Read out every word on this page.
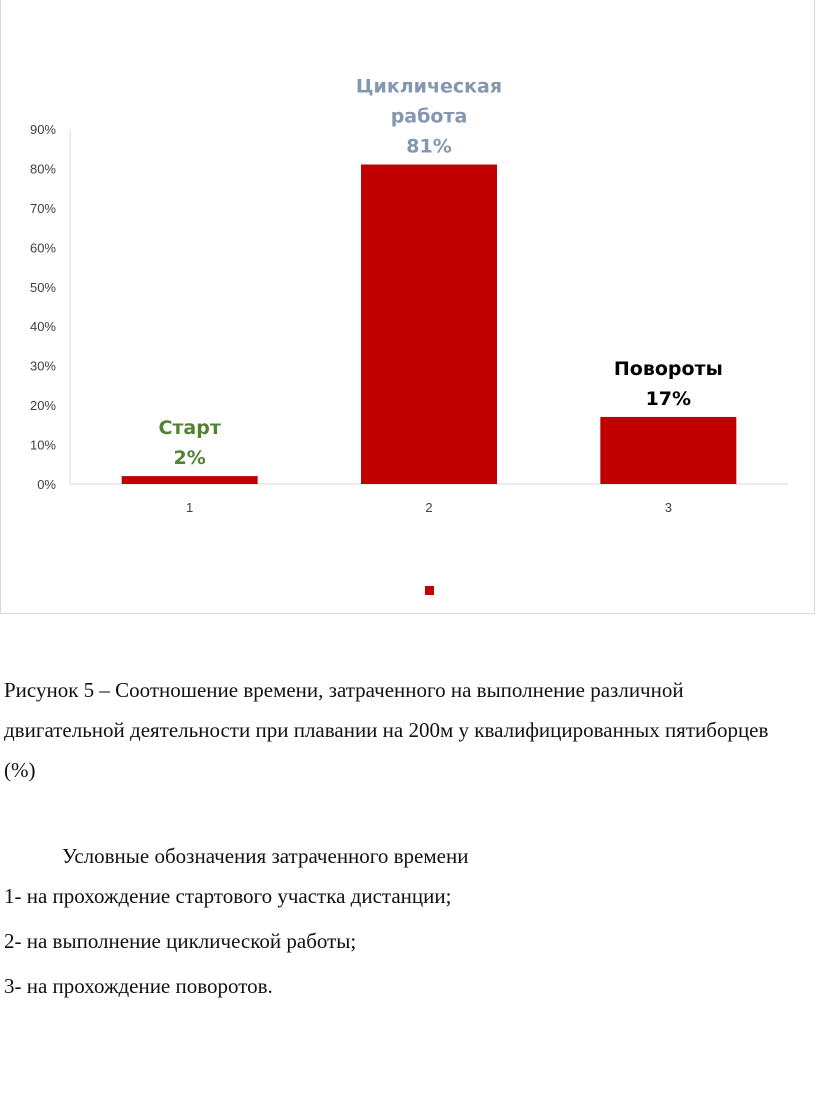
0%
10%
20%
30%
40%
50%
60%
70%
80%
90%
1
Старт
2%
2
Циклическая
работа
81%
3
Повороты
17%

Рисунок 5 – Соотношение времени, затраченного на выполнение различной двигательной деятельности при плавании на 200м у квалифицированных пятиборцев (%)

Условные обозначения затраченного времени

1- на прохождение стартового участка дистанции;

2- на выполнение циклической работы;

3- на прохождение поворотов.
